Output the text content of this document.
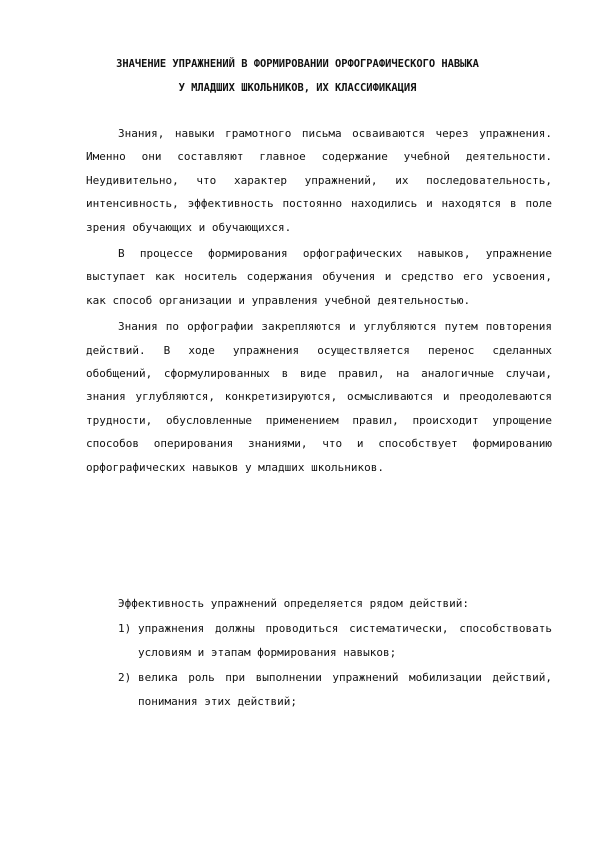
ЗНАЧЕНИЕ УПРАЖНЕНИЙ В ФОРМИРОВАНИИ ОРФОГРАФИЧЕСКОГО НАВЫКА
У МЛАДШИХ ШКОЛЬНИКОВ, ИХ КЛАССИФИКАЦИЯ

Знания, навыки грамотного письма осваиваются через упражнения. Именно они составляют главное содержание учебной деятельности. Неудивительно, что характер упражнений, их последовательность, интенсивность, эффективность постоянно находились и находятся в поле зрения обучающих и обучающихся.

В процессе формирования орфографических навыков, упражнение выступает как носитель содержания обучения и средство его усвоения, как способ организации и управления учебной деятельностью.

Знания по орфографии закрепляются и углубляются путем повторения действий. В ходе упражнения осуществляется перенос сделанных обобщений, сформулированных в виде правил, на аналогичные случаи, знания углубляются, конкретизируются, осмысливаются и преодолеваются трудности, обусловленные применением правил, происходит упрощение способов оперирования знаниями, что и способствует формированию орфографических навыков у младших школьников.

Эффективность упражнений определяется рядом действий:

1) упражнения должны проводиться систематически, способствовать условиям и этапам формирования навыков;
2) велика роль при выполнении упражнений мобилизации действий, понимания этих действий;
